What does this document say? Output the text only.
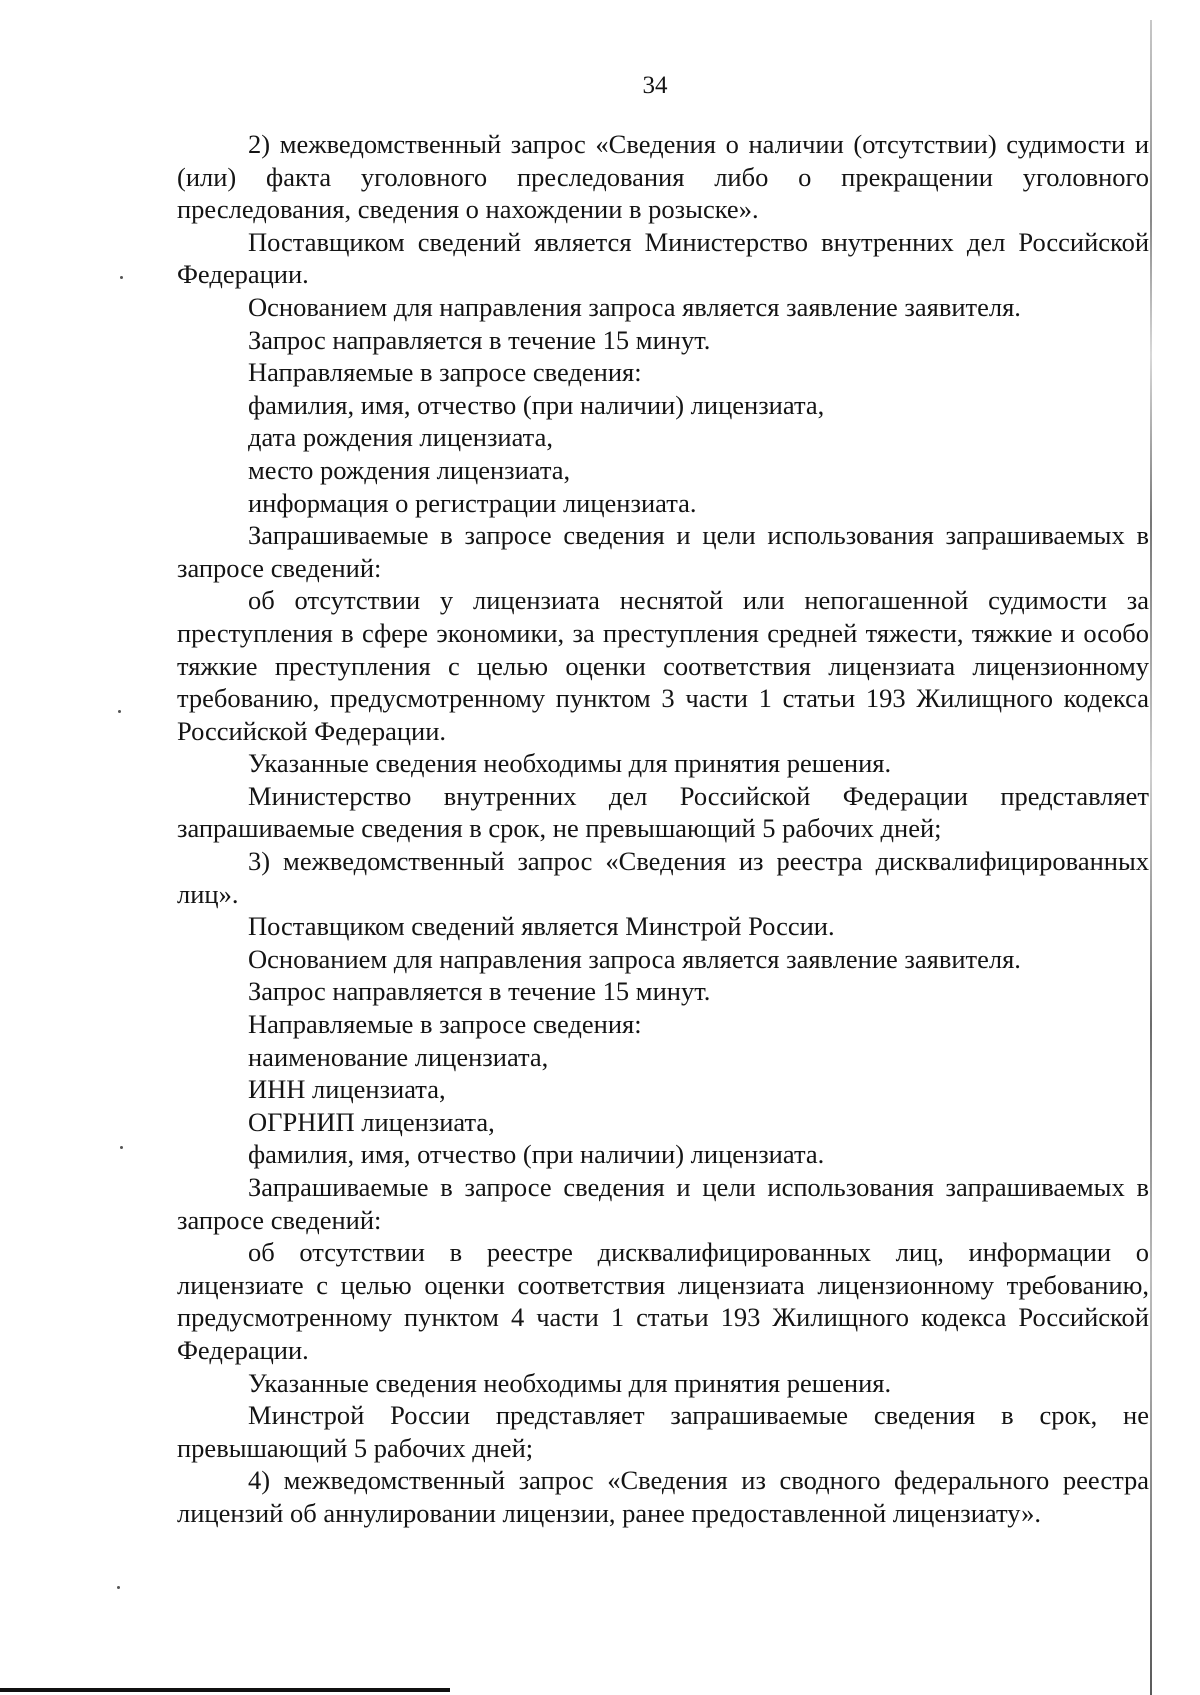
34

2) межведомственный запрос «Сведения о наличии (отсутствии) судимости и (или) факта уголовного преследования либо о прекращении уголовного преследования, сведения о нахождении в розыске».

Поставщиком сведений является Министерство внутренних дел Российской Федерации.

Основанием для направления запроса является заявление заявителя.

Запрос направляется в течение 15 минут.

Направляемые в запросе сведения:

фамилия, имя, отчество (при наличии) лицензиата,

дата рождения лицензиата,

место рождения лицензиата,

информация о регистрации лицензиата.

Запрашиваемые в запросе сведения и цели использования запрашиваемых в запросе сведений:

об отсутствии у лицензиата неснятой или непогашенной судимости за преступления в сфере экономики, за преступления средней тяжести, тяжкие и особо тяжкие преступления с целью оценки соответствия лицензиата лицензионному требованию, предусмотренному пунктом 3 части 1 статьи 193 Жилищного кодекса Российской Федерации.

Указанные сведения необходимы для принятия решения.

Министерство внутренних дел Российской Федерации представляет запрашиваемые сведения в срок, не превышающий 5 рабочих дней;

3) межведомственный запрос «Сведения из реестра дисквалифицированных лиц».

Поставщиком сведений является Минстрой России.

Основанием для направления запроса является заявление заявителя.

Запрос направляется в течение 15 минут.

Направляемые в запросе сведения:

наименование лицензиата,

ИНН лицензиата,

ОГРНИП лицензиата,

фамилия, имя, отчество (при наличии) лицензиата.

Запрашиваемые в запросе сведения и цели использования запрашиваемых в запросе сведений:

об отсутствии в реестре дисквалифицированных лиц, информации о лицензиате с целью оценки соответствия лицензиата лицензионному требованию, предусмотренному пунктом 4 части 1 статьи 193 Жилищного кодекса Российской Федерации.

Указанные сведения необходимы для принятия решения.

Минстрой России представляет запрашиваемые сведения в срок, не превышающий 5 рабочих дней;

4) межведомственный запрос «Сведения из сводного федерального реестра лицензий об аннулировании лицензии, ранее предоставленной лицензиату».
